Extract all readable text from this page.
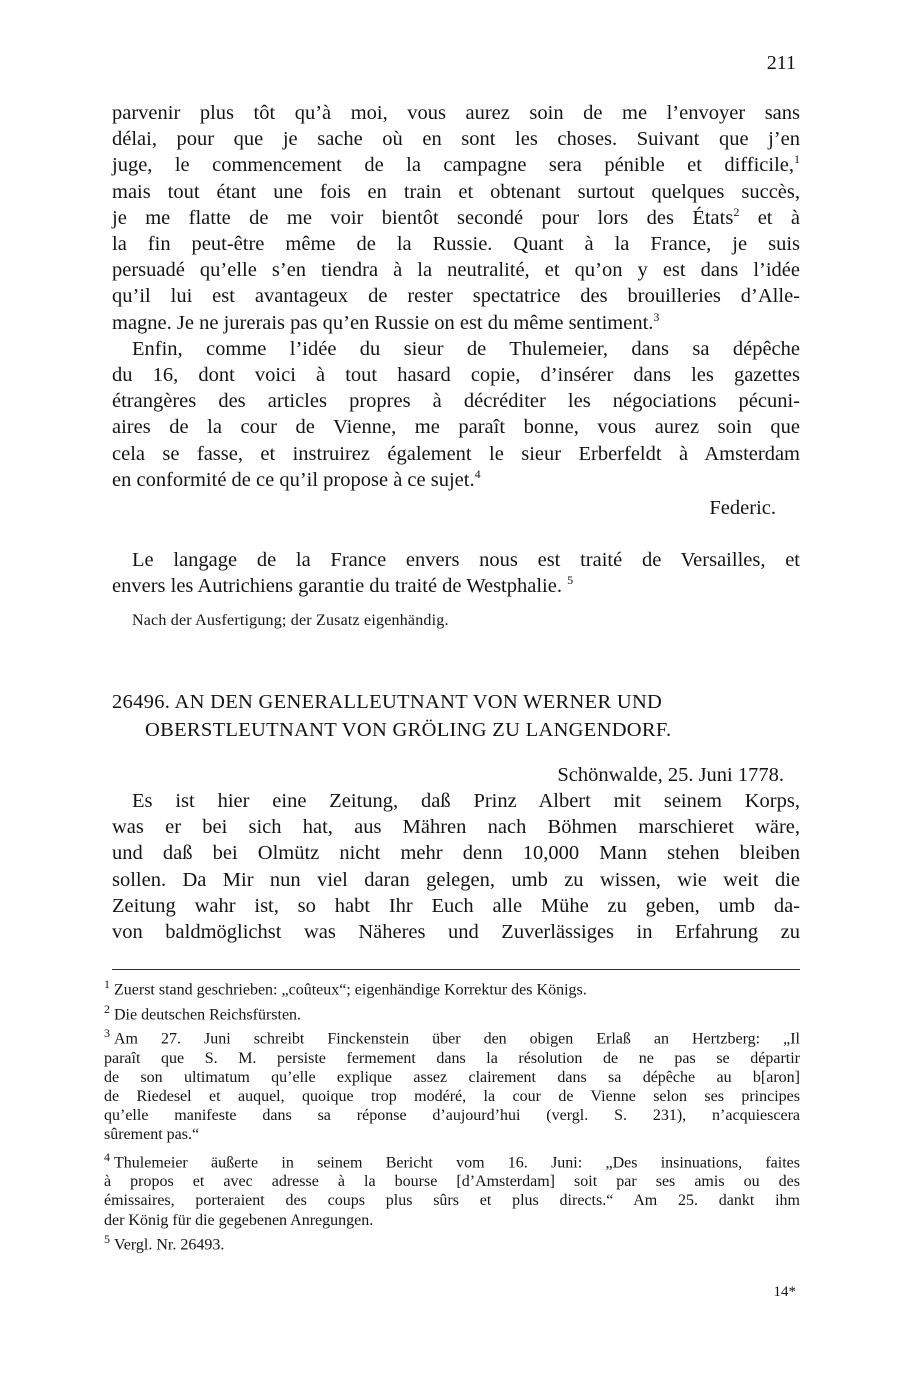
211
parvenir plus tôt qu’à moi, vous aurez soin de me l’envoyer sans
délai, pour que je sache où en sont les choses. Suivant que j’en
juge, le commencement de la campagne sera pénible et difficile,$^1$
mais tout étant une fois en train et obtenant surtout quelques succès,
je me flatte de me voir bientôt secondé pour lors des États$^2$ et à
la fin peut-être même de la Russie. Quant à la France, je suis
persuadé qu’elle s’en tiendra à la neutralité, et qu’on y est dans l’idée
qu’il lui est avantageux de rester spectatrice des brouilleries d’Alle-
magne. Je ne jurerais pas qu’en Russie on est du même sentiment.$^3$
Enfin, comme l’idée du sieur de Thulemeier, dans sa dépêche
du 16, dont voici à tout hasard copie, d’insérer dans les gazettes
étrangères des articles propres à décréditer les négociations pécuni-
aires de la cour de Vienne, me paraît bonne, vous aurez soin que
cela se fasse, et instruirez également le sieur Erberfeldt à Amsterdam
en conformité de ce qu’il propose à ce sujet.$^4$
Federic.
Le langage de la France envers nous est traité de Versailles, et
envers les Autrichiens garantie du traité de Westphalie. $^5$
Nach der Ausfertigung; der Zusatz eigenhändig.
26496. AN DEN GENERALLEUTNANT VON WERNER UND
OBERSTLEUTNANT VON GRÖLING ZU LANGENDORF.
Schönwalde, 25. Juni 1778.
Es ist hier eine Zeitung, daß Prinz Albert mit seinem Korps,
was er bei sich hat, aus Mähren nach Böhmen marschieret wäre,
und daß bei Olmütz nicht mehr denn 10,000 Mann stehen bleiben
sollen. Da Mir nun viel daran gelegen, umb zu wissen, wie weit die
Zeitung wahr ist, so habt Ihr Euch alle Mühe zu geben, umb da-
von baldmöglichst was Näheres und Zuverlässiges in Erfahrung zu
$^1$ Zuerst stand geschrieben: „coûteux“; eigenhändige Korrektur des Königs.
$^2$ Die deutschen Reichsfürsten.
$^3$ Am 27. Juni schreibt Finckenstein über den obigen Erlaß an Hertzberg: „Il
paraît que S. M. persiste fermement dans la résolution de ne pas se départir
de son ultimatum qu’elle explique assez clairement dans sa dépêche au b[aron]
de Riedesel et auquel, quoique trop modéré, la cour de Vienne selon ses principes
qu’elle manifeste dans sa réponse d’aujourd’hui (vergl. S. 231), n’acquiescera
sûrement pas.“
$^4$ Thulemeier äußerte in seinem Bericht vom 16. Juni: „Des insinuations, faites
à propos et avec adresse à la bourse [d’Amsterdam] soit par ses amis ou des
émissaires, porteraient des coups plus sûrs et plus directs.“ Am 25. dankt ihm
der König für die gegebenen Anregungen.
$^5$ Vergl. Nr. 26493.
14*
